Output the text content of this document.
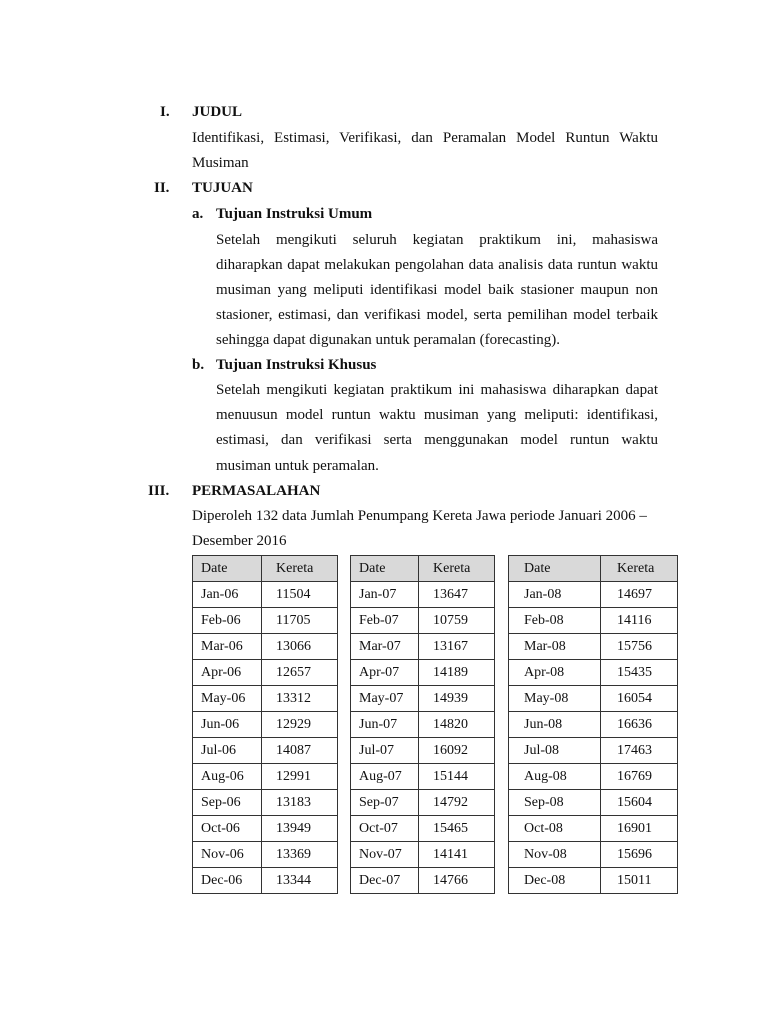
I. JUDUL
Identifikasi, Estimasi, Verifikasi, dan Peramalan Model Runtun Waktu
Musiman
II. TUJUAN
a. Tujuan Instruksi Umum
Setelah mengikuti seluruh kegiatan praktikum ini, mahasiswa
diharapkan dapat melakukan pengolahan data analisis data runtun waktu
musiman yang meliputi identifikasi model baik stasioner maupun non
stasioner, estimasi, dan verifikasi model, serta pemilihan model terbaik
sehingga dapat digunakan untuk peramalan (forecasting).
b. Tujuan Instruksi Khusus
Setelah mengikuti kegiatan praktikum ini mahasiswa diharapkan dapat
menuusun model runtun waktu musiman yang meliputi: identifikasi,
estimasi, dan verifikasi serta menggunakan model runtun waktu
musiman untuk peramalan.
III. PERMASALAHAN
Diperoleh 132 data Jumlah Penumpang Kereta Jawa periode Januari 2006 –
Desember 2016
Date	Kereta
Jan-06	11504
Feb-06	11705
Mar-06	13066
Apr-06	12657
May-06	13312
Jun-06	12929
Jul-06	14087
Aug-06	12991
Sep-06	13183
Oct-06	13949
Nov-06	13369
Dec-06	13344
Date	Kereta
Jan-07	13647
Feb-07	10759
Mar-07	13167
Apr-07	14189
May-07	14939
Jun-07	14820
Jul-07	16092
Aug-07	15144
Sep-07	14792
Oct-07	15465
Nov-07	14141
Dec-07	14766
Date	Kereta
Jan-08	14697
Feb-08	14116
Mar-08	15756
Apr-08	15435
May-08	16054
Jun-08	16636
Jul-08	17463
Aug-08	16769
Sep-08	15604
Oct-08	16901
Nov-08	15696
Dec-08	15011
